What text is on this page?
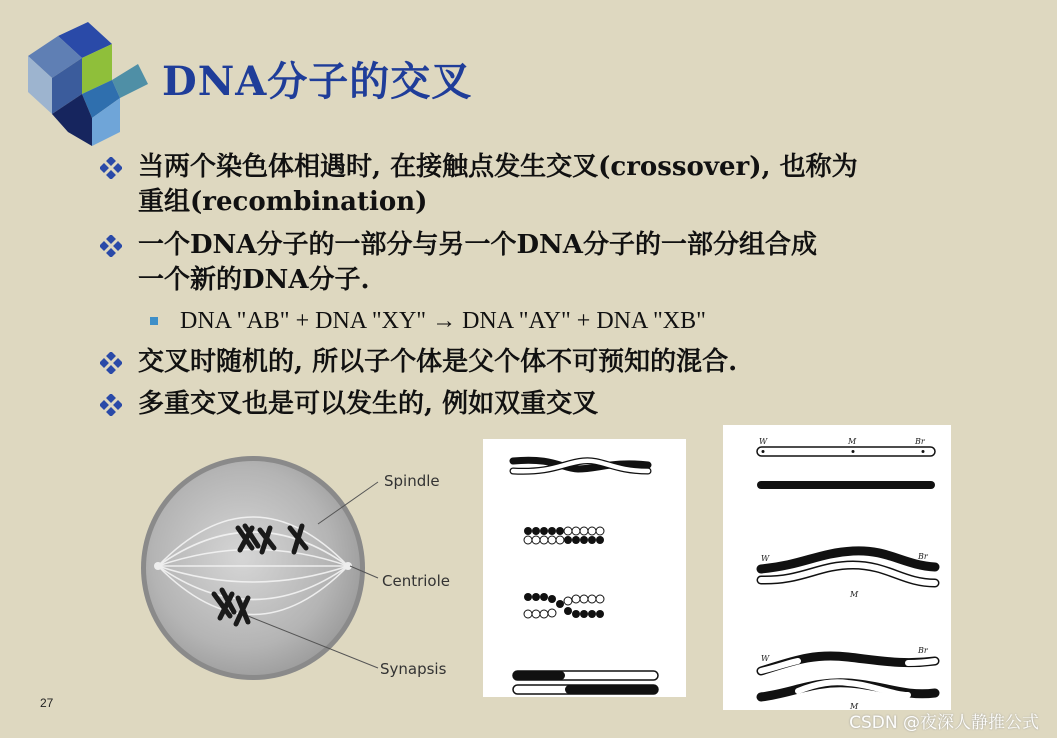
DNA分子的交叉
当两个染色体相遇时, 在接触点发生交叉(crossover), 也称为
重组(recombination)
一个DNA分子的一部分与另一个DNA分子的一部分组合成
一个新的DNA分子.
DNA "AB" + DNA "XY" → DNA "AY" + DNA "XB"
交叉时随机的, 所以子个体是父个体不可预知的混合.
多重交叉也是可以发生的, 例如双重交叉
Spindle
Centriole
Synapsis
W	M	Br
W	Br
M
W
Br
M
27
CSDN @夜深人静推公式
